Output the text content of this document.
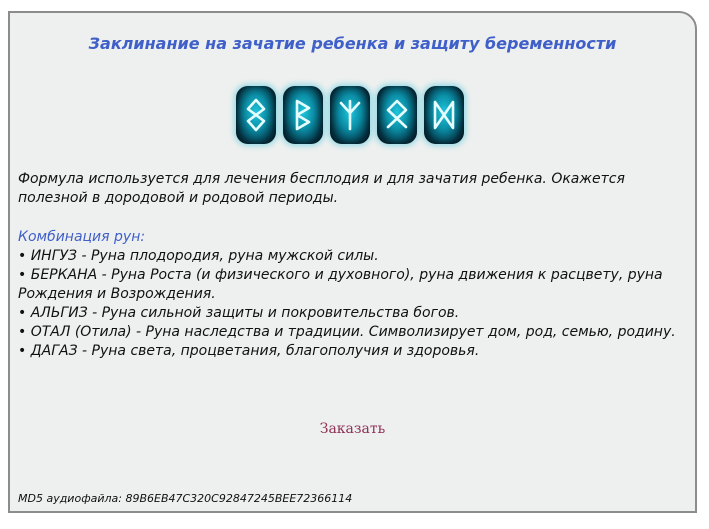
Заклинание на зачатие ребенка и защиту беременности
Формула используется для лечения бесплодия и для зачатия ребенка. Окажется полезной в дородовой и родовой периоды.
Комбинация рун:

• ИНГУЗ - Руна плодородия, руна мужской силы.

• БЕРКАНА - Руна Роста (и физического и духовного), руна движения к расцвету, руна Рождения и Возрождения.

• АЛЬГИЗ - Руна сильной защиты и покровительства богов.

• ОТАЛ (Отила) - Руна наследства и традиции. Символизирует дом, род, семью, родину.

• ДАГАЗ - Руна света, процветания, благополучия и здоровья.

Заказать
MD5 аудиофайла: 89B6EB47C320C92847245BEE72366114
